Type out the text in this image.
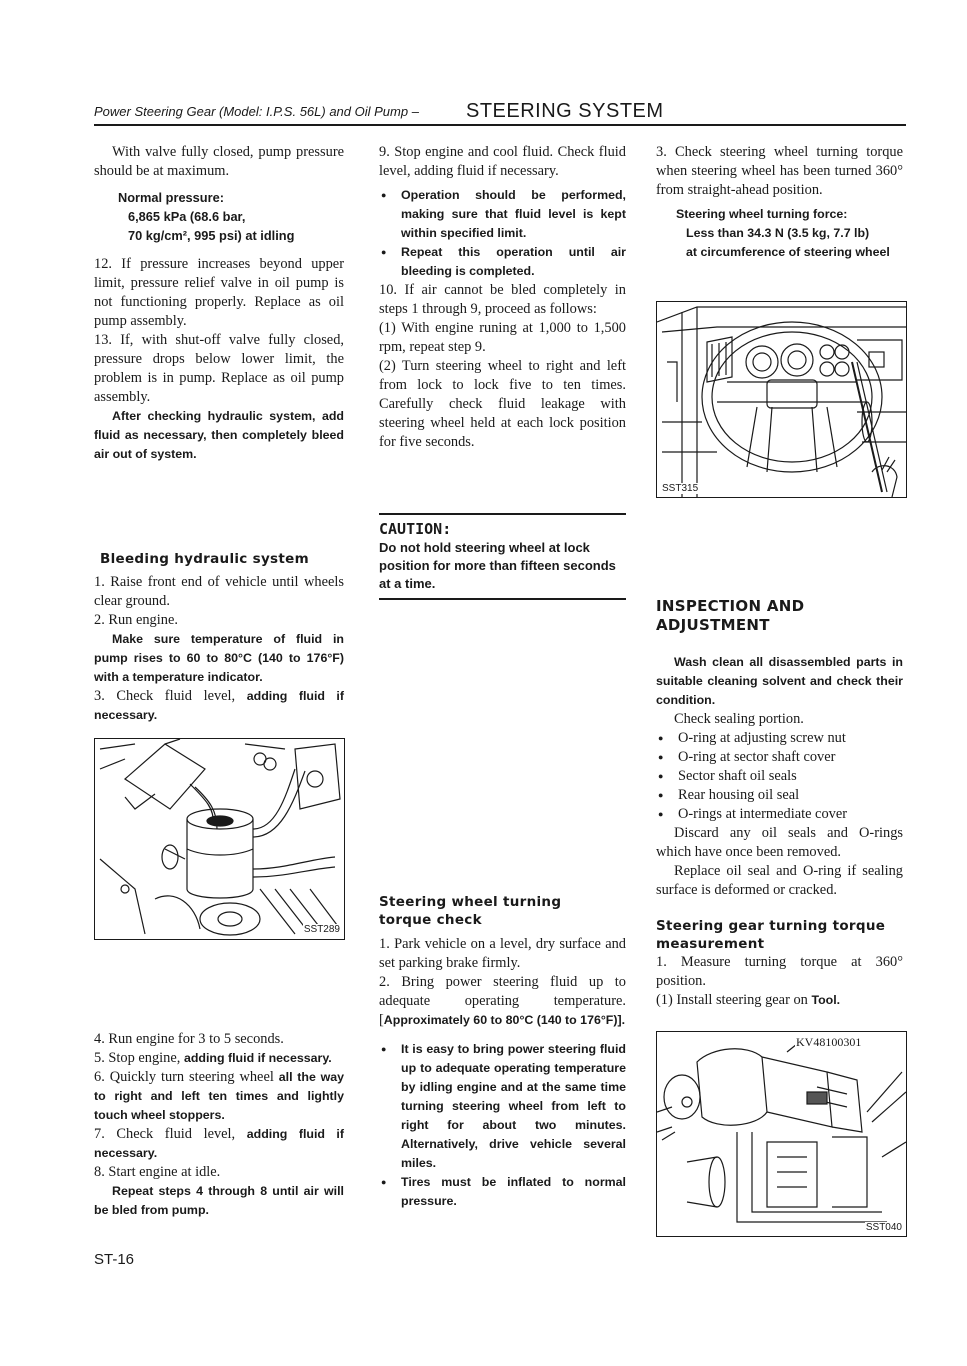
Power Steering Gear (Model: I.P.S. 56L) and Oil Pump – STEERING SYSTEM

With valve fully closed, pump pressure should be at maximum.

Normal pressure:
6,865 kPa (68.6 bar,
70 kg/cm², 995 psi) at idling

12. If pressure increases beyond upper limit, pressure relief valve in oil pump is not functioning properly. Replace as oil pump assembly.

13. If, with shut-off valve fully closed, pressure drops below lower limit, the problem is in pump. Replace as oil pump assembly.

After checking hydraulic system, add fluid as necessary, then completely bleed air out of system.

Bleeding hydraulic system

1. Raise front end of vehicle until wheels clear ground.

2. Run engine.

Make sure temperature of fluid in pump rises to 60 to 80°C (140 to 176°F) with a temperature indicator.

3. Check fluid level, adding fluid if necessary.

SST289

4. Run engine for 3 to 5 seconds.

5. Stop engine, adding fluid if necessary.

6. Quickly turn steering wheel all the way to right and left ten times and lightly touch wheel stoppers.

7. Check fluid level, adding fluid if necessary.

8. Start engine at idle.

Repeat steps 4 through 8 until air will be bled from pump.

ST-16

9. Stop engine and cool fluid. Check fluid level, adding fluid if necessary.

● Operation should be performed, making sure that fluid level is kept within specified limit.

● Repeat this operation until air bleeding is completed.

10. If air cannot be bled completely in steps 1 through 9, proceed as follows:

(1) With engine runing at 1,000 to 1,500 rpm, repeat step 9.

(2) Turn steering wheel to right and left from lock to lock five to ten times. Carefully check fluid leakage with steering wheel held at each lock position for five seconds.

CAUTION:
Do not hold steering wheel at lock position for more than fifteen seconds at a time.

Steering wheel turning

torque check

1. Park vehicle on a level, dry surface and set parking brake firmly.

2. Bring power steering fluid up to adequate operating temperature. [Approximately 60 to 80°C (140 to 176°F)].

● It is easy to bring power steering fluid up to adequate operating temperature by idling engine and at the same time turning steering wheel from left to right for about two minutes. Alternatively, drive vehicle several miles.

● Tires must be inflated to normal pressure.

3. Check steering wheel turning torque when steering wheel has been turned 360° from straight-ahead position.

Steering wheel turning force:
Less than 34.3 N (3.5 kg, 7.7 lb)
at circumference of steering wheel
SST315

INSPECTION AND

ADJUSTMENT

Wash clean all disassembled parts in suitable cleaning solvent and check their condition.

Check sealing portion.

● O-ring at adjusting screw nut

● O-ring at sector shaft cover

● Sector shaft oil seals

● Rear housing oil seal

● O-rings at intermediate cover

Discard any oil seals and O-rings which have once been removed.

Replace oil seal and O-ring if sealing surface is deformed or cracked.

Steering gear turning torque

measurement

1. Measure turning torque at 360° position.

(1) Install steering gear on Tool.

KV48100301
SST040
